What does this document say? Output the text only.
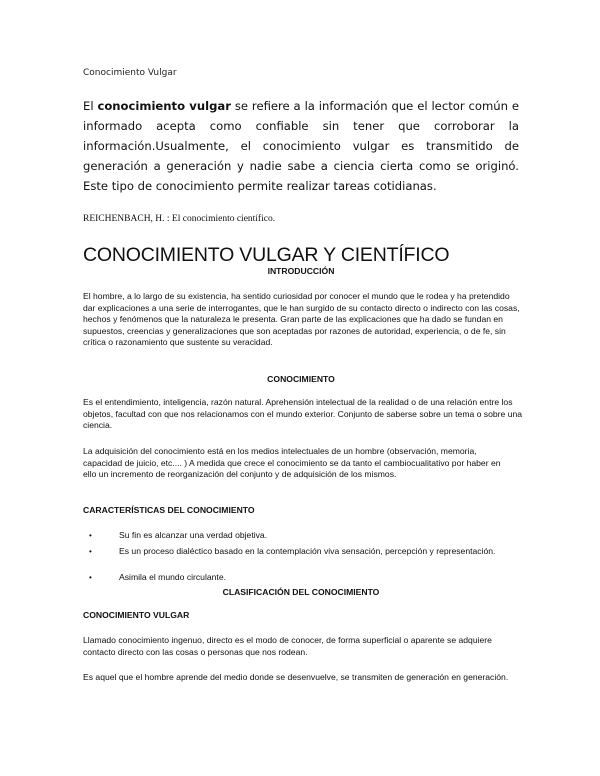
Conocimiento Vulgar
El conocimiento vulgar se refiere a la información que el lector común e informado acepta como confiable sin tener que corroborar la información.Usualmente, el conocimiento vulgar es transmitido de generación a generación y nadie sabe a ciencia cierta como se originó. Este tipo de conocimiento permite realizar tareas cotidianas.
REICHENBACH, H. : El conocimiento científico.
CONOCIMIENTO VULGAR Y CIENTÍFICO
INTRODUCCIÓN
El hombre, a lo largo de su existencia, ha sentido curiosidad por conocer el mundo que le rodea y ha pretendido dar explicaciones a una serie de interrogantes, que le han surgido de su contacto directo o indirecto con las cosas, hechos y fenómenos que la naturaleza le presenta. Gran parte de las explicaciones que ha dado se fundan en supuestos, creencias y generalizaciones que son aceptadas por razones de autoridad, experiencia, o de fe, sin crítica o razonamiento que sustente su veracidad.
CONOCIMIENTO
Es el entendimiento, inteligencia, razón natural. Aprehensión intelectual de la realidad o de una relación entre los objetos, facultad con que nos relacionamos con el mundo exterior. Conjunto de saberse sobre un tema o sobre una ciencia.
La adquisición del conocimiento está en los medios intelectuales de un hombre (observación, memoria, capacidad de juicio, etc.... ) A medida que crece el conocimiento se da tanto el cambiocualitativo por haber en ello un incremento de reorganización del conjunto y de adquisición de los mismos.
CARACTERÍSTICAS DEL CONOCIMIENTO
•	Su fin es alcanzar una verdad objetiva.
•	Es un proceso dialéctico basado en la contemplación viva sensación, percepción y representación.
•	Asimila el mundo circulante.
CLASIFICACIÓN DEL CONOCIMIENTO
CONOCIMIENTO VULGAR
Llamado conocimiento ingenuo, directo es el modo de conocer, de forma superficial o aparente se adquiere contacto directo con las cosas o personas que nos rodean.
Es aquel que el hombre aprende del medio donde se desenvuelve, se transmiten de generación en generación.
